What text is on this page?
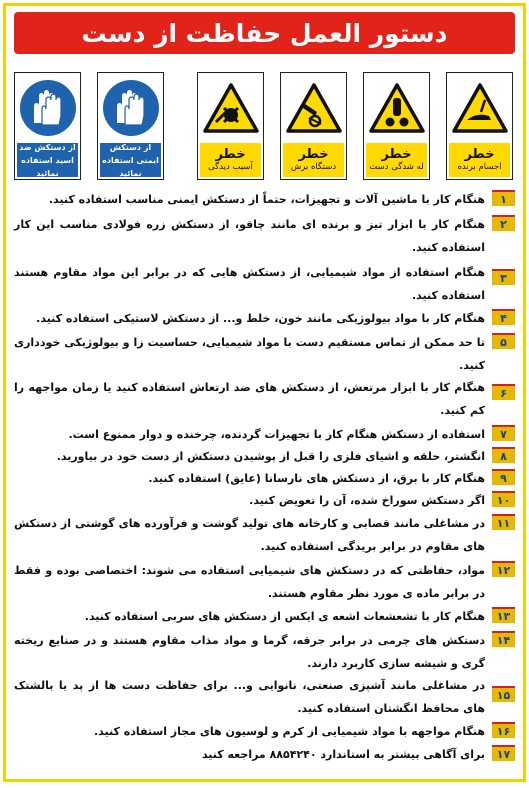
دستور العمل حفاظت از دست
از دستکش ضد اسید استفاده نمائید
از دستکش ایمنی استفاده نمائید
خطر
آسیب دیدگی
خطر
دستگاه برش
خطر
له شدگی دست
خطر
اجسام برنده
۱
هنگام کار با ماشین آلات و تجهیزات، حتماً از دستکش ایمنی مناسب استفاده کنید.
۲
هنگام کار با ابزار تیز و برنده ای مانند چاقو، از دستکش زره فولادی مناسب این کار استفاده کنید.
۳
هنگام استفاده از مواد شیمیایی، از دستکش هایی که در برابر این مواد مقاوم هستند استفاده کنید.
۴
هنگام کار با مواد بیولوژیکی مانند خون، خلط و... از دستکش لاستیکی استفاده کنید.
۵
تا حد ممکن از تماس مستقیم دست با مواد شیمیایی، حساسیت زا و بیولوژیکی خودداری کنید.
۶
هنگام کار با ابزار مرتعش، از دستکش های ضد ارتعاش استفاده کنید یا زمان مواجهه را کم کنید.
۷
استفاده از دستکش هنگام کار با تجهیزات گردنده، چرخنده و دوار ممنوع است.
۸
انگشتر، حلقه و اشیای فلزی را قبل از پوشیدن دستکش از دست خود در بیاورید.
۹
هنگام کار با برق، از دستکش های نارسانا (عایق) استفاده کنید.
۱۰
اگر دستکش سوراخ شده، آن را تعویض کنید.
۱۱
در مشاغلی مانند قصابی و کارخانه های تولید گوشت و فرآورده های گوشتی از دستکش های مقاوم در برابر بریدگی استفاده کنید.
۱۲
مواد، حفاظتی که در دستکش های شیمیایی استفاده می شوند: اختصاصی بوده و فقط در برابر ماده ی مورد نظر مقاوم هستند.
۱۳
هنگام کار با تشعشعات اشعه ی ایکس از دستکش های سربی استفاده کنید.
۱۴
دستکش های چرمی در برابر جرقه، گرما و مواد مذاب مقاوم هستند و در صنایع ریخته گری و شیشه سازی کاربرد دارند.
۱۵
در مشاغلی مانند آشپزی صنعتی، نانوایی و... برای حفاظت دست ها از پد یا بالشتک های محافظ انگشتان استفاده کنید.
۱۶
هنگام مواجهه با مواد شیمیایی از کرم و لوسیون های مجاز استفاده کنید.
۱۷
برای آگاهی بیشتر به استاندارد ۸۸۵۴۲۴۰ مراجعه کنید
